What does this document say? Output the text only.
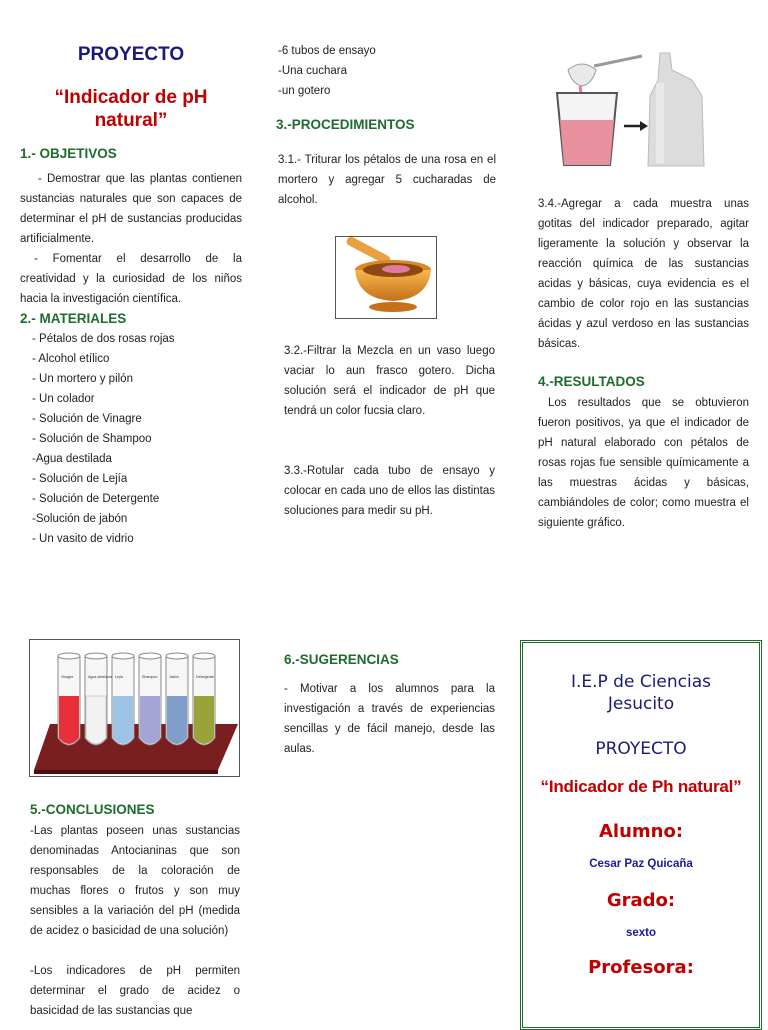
PROYECTO
“Indicador de pH natural”
1.- OBJETIVOS

- Demostrar que las plantas contienen sustancias naturales que son capaces de determinar el pH de sustancias producidas artificialmente.

- Fomentar el desarrollo de la creatividad y la curiosidad de los niños hacia la investigación científica.

2.- MATERIALES
- Pétalos de dos rosas rojas
- Alcohol etílico
- Un mortero y pilón
- Un colador
- Solución de Vinagre
- Solución de Shampoo
-Agua destilada
- Solución de Lejía
- Solución de Detergente
-Solución de jabón
- Un vasito de vidrio
-6 tubos de ensayo
-Una cuchara
-un gotero
3.-PROCEDIMIENTOS

3.1.- Triturar los pétalos de una rosa en el mortero y agregar 5 cucharadas de alcohol.

3.2.-Filtrar la Mezcla en un vaso luego vaciar lo aun frasco gotero. Dicha solución será el indicador de pH que tendrá un color fucsia claro.

3.3.-Rotular cada tubo de ensayo y colocar en cada uno de ellos las distintas soluciones para medir su pH.

3.4.-Agregar a cada muestra unas gotitas del indicador preparado, agitar ligeramente la solución y observar la reacción química de las sustancias acidas y básicas, cuya evidencia es el cambio de color rojo en las sustancias ácidas y azul verdoso en las sustancias básicas.

4.-RESULTADOS

Los resultados que se obtuvieron fueron positivos, ya que el indicador de pH natural elaborado con pétalos de rosas rojas fue sensible químicamente a las muestras ácidas y básicas, cambiándoles de color; como muestra el siguiente gráfico.

Vinagre	Agua destilada Lejía	Shampoo	Jabón	Detergente
5.-CONCLUSIONES

-Las plantas poseen unas sustancias denominadas Antocianinas que son responsables de la coloración de muchas flores o frutos y son muy sensibles a la variación del pH (medida de acidez o basicidad de una solución)

-Los indicadores de pH permiten determinar el grado de acidez o basicidad de las sustancias que

6.-SUGERENCIAS

- Motivar a los alumnos para la investigación a través de experiencias sencillas y de fácil manejo, desde las aulas.

I.E.P de Ciencias Jesucito
PROYECTO
“Indicador de Ph natural”
Alumno:
Cesar Paz Quicaña
Grado:
sexto
Profesora:
